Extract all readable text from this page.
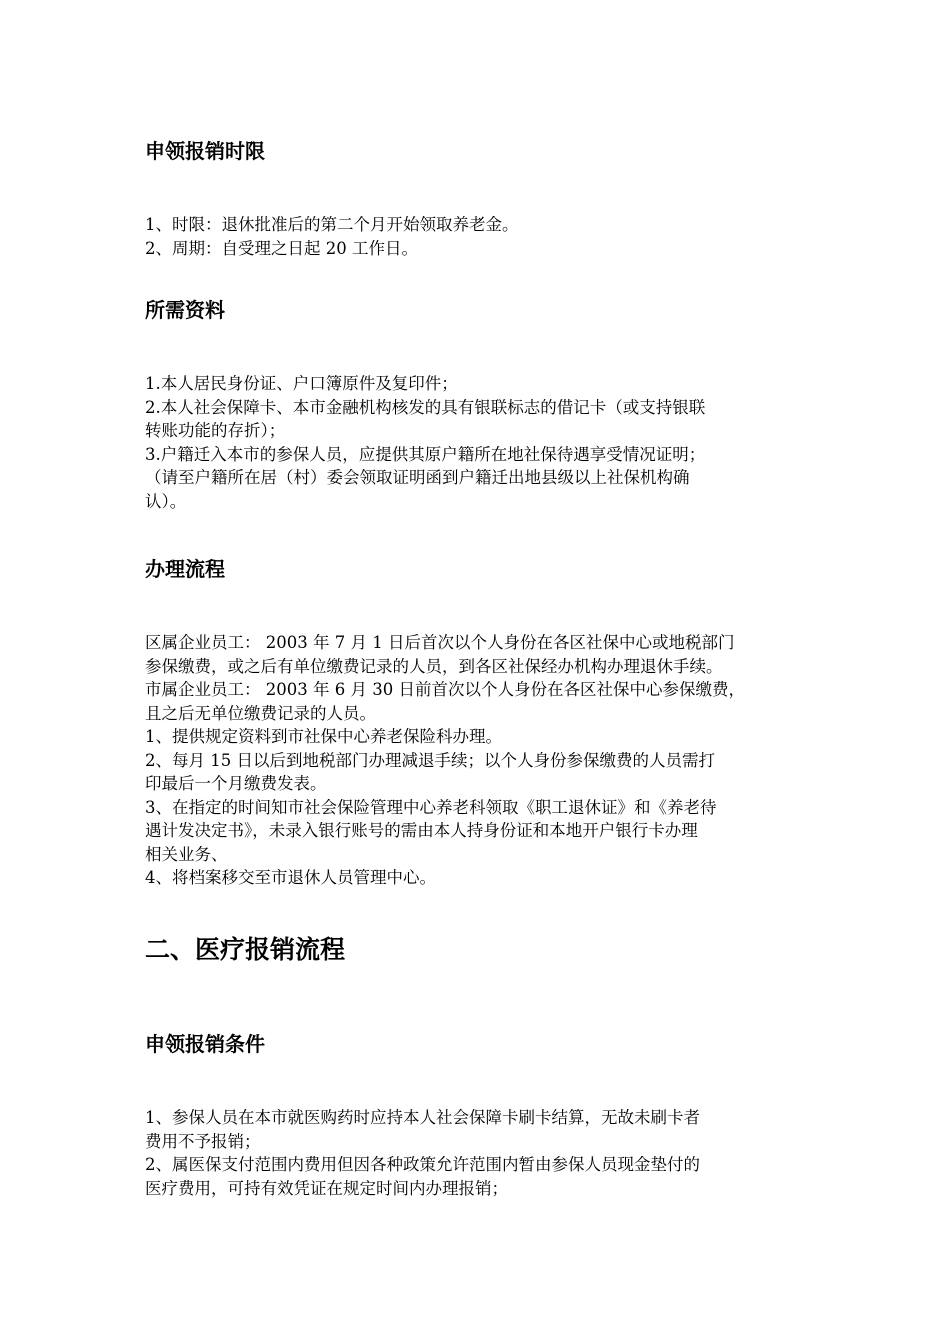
申领报销时限
1、时限：退休批准后的第二个月开始领取养老金。
2、周期：自受理之日起 20 工作日。
所需资料
1.本人居民身份证、户口簿原件及复印件；
2.本人社会保障卡、本市金融机构核发的具有银联标志的借记卡（或支持银联
转账功能的存折）；
3.户籍迁入本市的参保人员，应提供其原户籍所在地社保待遇享受情况证明；
（请至户籍所在居（村）委会领取证明函到户籍迁出地县级以上社保机构确
认）。
办理流程
区属企业员工： 2003 年 7 月 1 日后首次以个人身份在各区社保中心或地税部门
参保缴费，或之后有单位缴费记录的人员，到各区社保经办机构办理退休手续。
市属企业员工： 2003 年 6 月 30 日前首次以个人身份在各区社保中心参保缴费，
且之后无单位缴费记录的人员。
1、提供规定资料到市社保中心养老保险科办理。
2、每月 15 日以后到地税部门办理减退手续；以个人身份参保缴费的人员需打
印最后一个月缴费发表。
3、在指定的时间知市社会保险管理中心养老科领取《职工退休证》和《养老待
遇计发决定书》，未录入银行账号的需由本人持身份证和本地开户银行卡办理
相关业务、
4、将档案移交至市退休人员管理中心。
二、医疗报销流程
申领报销条件
1、参保人员在本市就医购药时应持本人社会保障卡刷卡结算，无故未刷卡者
费用不予报销；
2、属医保支付范围内费用但因各种政策允许范围内暂由参保人员现金垫付的
医疗费用，可持有效凭证在规定时间内办理报销；
